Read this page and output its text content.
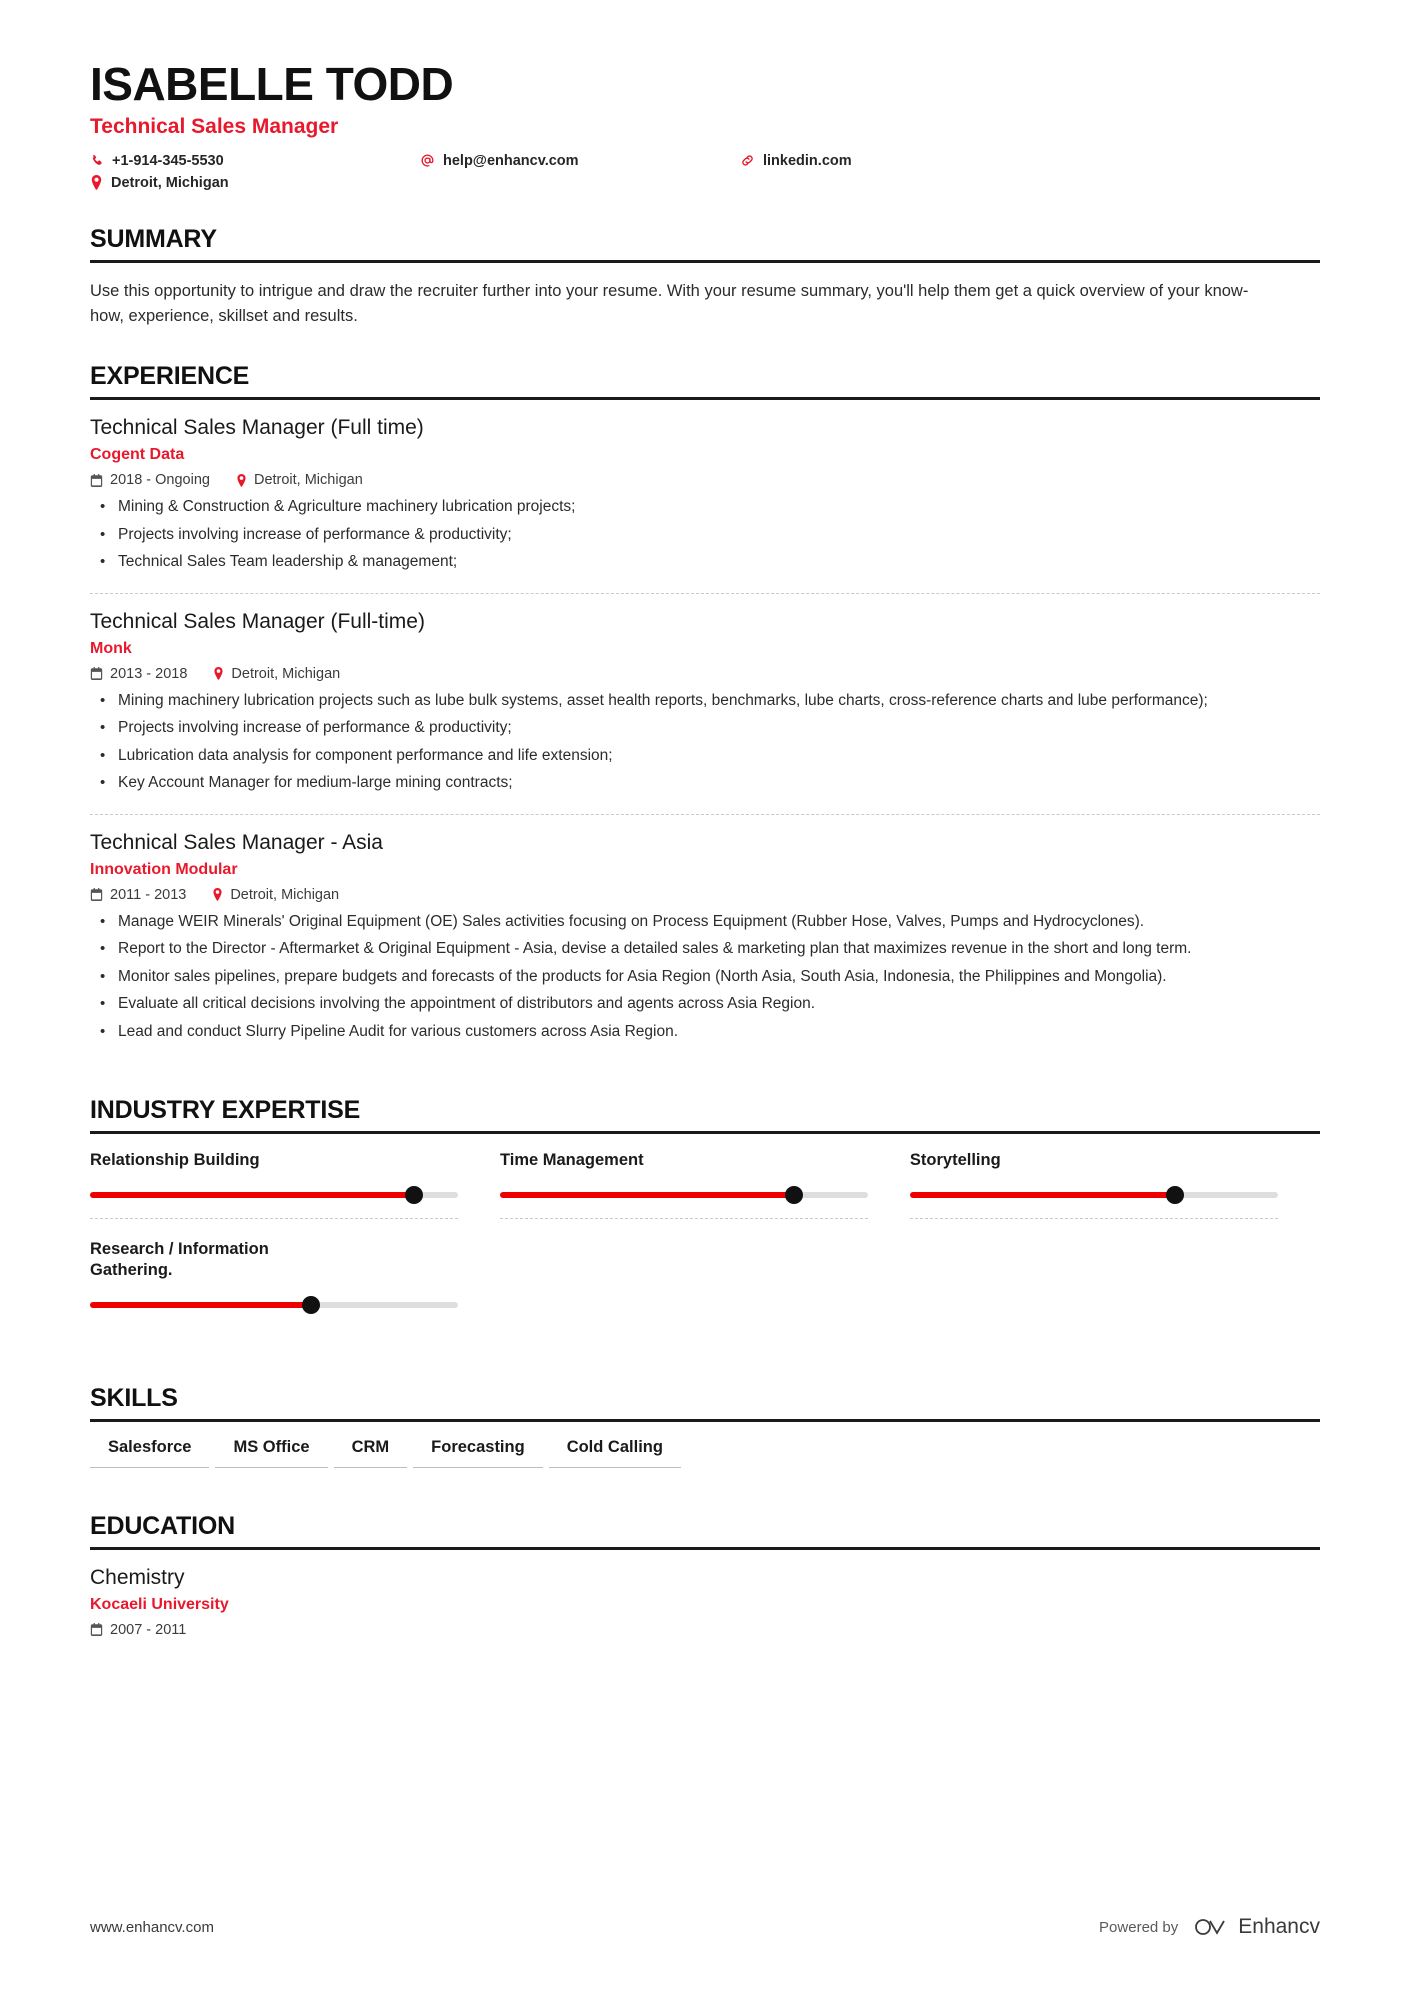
ISABELLE TODD
Technical Sales Manager
+1-914-345-5530	help@enhancv.com	linkedin.com
Detroit, Michigan
SUMMARY
Use this opportunity to intrigue and draw the recruiter further into your resume. With your resume summary, you'll help them get a quick overview of your know-how, experience, skillset and results.
EXPERIENCE
Technical Sales Manager (Full time)
Cogent Data
2018 - Ongoing	Detroit, Michigan
• Mining & Construction & Agriculture machinery lubrication projects;
• Projects involving increase of performance & productivity;
• Technical Sales Team leadership & management;
Technical Sales Manager (Full-time)
Monk
2013 - 2018	Detroit, Michigan
• Mining machinery lubrication projects such as lube bulk systems, asset health reports, benchmarks, lube charts, cross-reference charts and lube performance);
• Projects involving increase of performance & productivity;
• Lubrication data analysis for component performance and life extension;
• Key Account Manager for medium-large mining contracts;
Technical Sales Manager - Asia
Innovation Modular
2011 - 2013	Detroit, Michigan
• Manage WEIR Minerals' Original Equipment (OE) Sales activities focusing on Process Equipment (Rubber Hose, Valves, Pumps and Hydrocyclones).
• Report to the Director - Aftermarket & Original Equipment - Asia, devise a detailed sales & marketing plan that maximizes revenue in the short and long term.
• Monitor sales pipelines, prepare budgets and forecasts of the products for Asia Region (North Asia, South Asia, Indonesia, the Philippines and Mongolia).
• Evaluate all critical decisions involving the appointment of distributors and agents across Asia Region.
• Lead and conduct Slurry Pipeline Audit for various customers across Asia Region.
INDUSTRY EXPERTISE
Relationship Building	Time Management	Storytelling
Research / Information Gathering.
SKILLS
Salesforce	MS Office	CRM	Forecasting	Cold Calling
EDUCATION
Chemistry
Kocaeli University
2007 - 2011
www.enhancv.com	Powered by	Enhancv
